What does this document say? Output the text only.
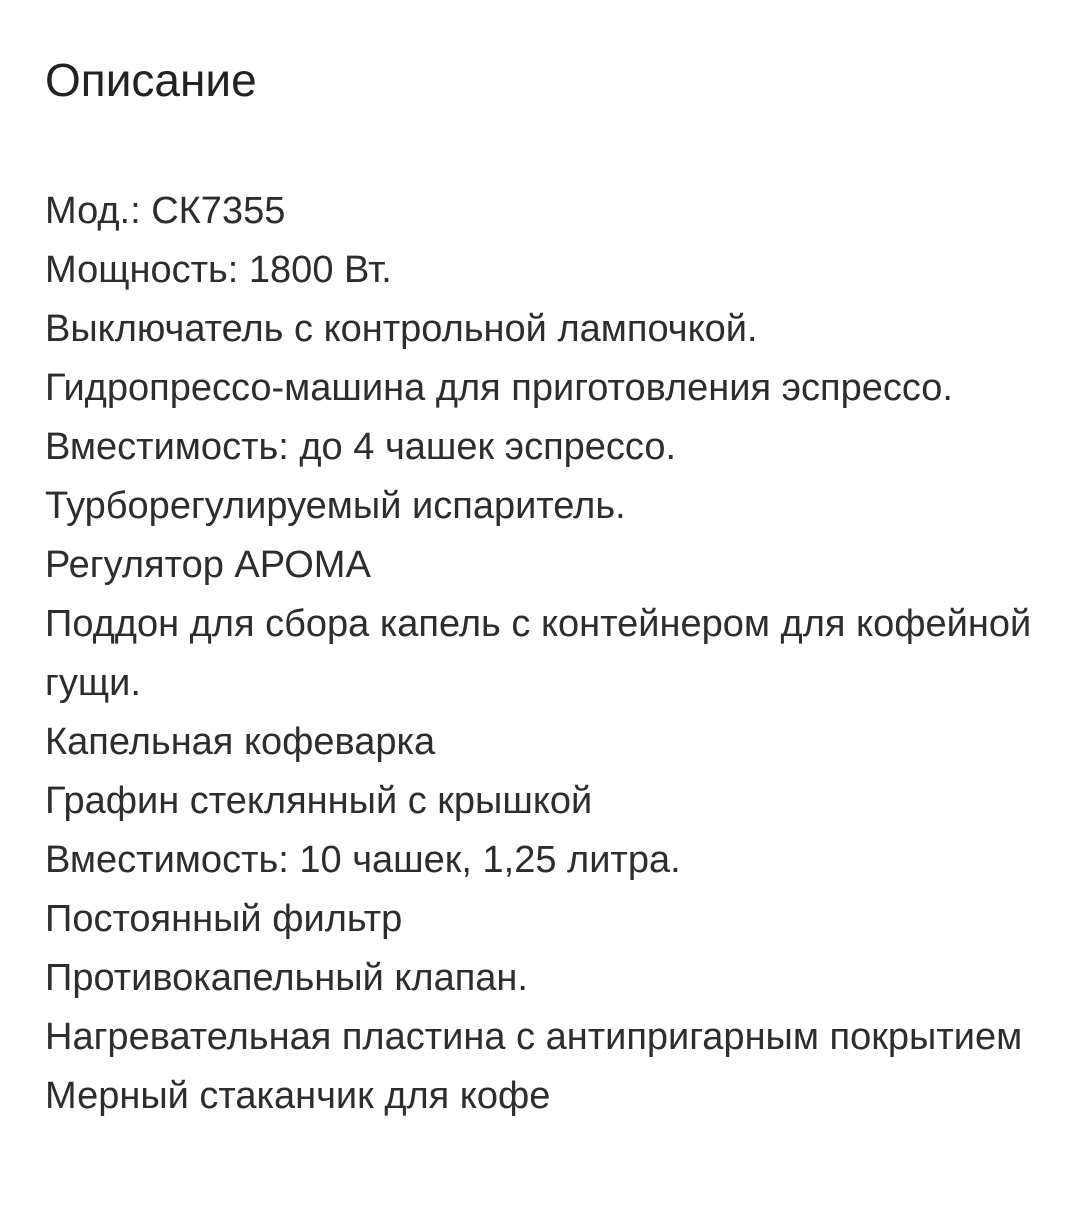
Описание
Мод.: СК7355
Мощность: 1800 Вт.
Выключатель с контрольной лампочкой.
Гидропрессо-машина для приготовления эспрессо.
Вместимость: до 4 чашек эспрессо.
Турборегулируемый испаритель.
Регулятор АРОМА
Поддон для сбора капель с контейнером для кофейной гущи.
Капельная кофеварка
Графин стеклянный с крышкой
Вместимость: 10 чашек, 1,25 литра.
Постоянный фильтр
Противокапельный клапан.
Нагревательная пластина с антипригарным покрытием
Мерный стаканчик для кофе
